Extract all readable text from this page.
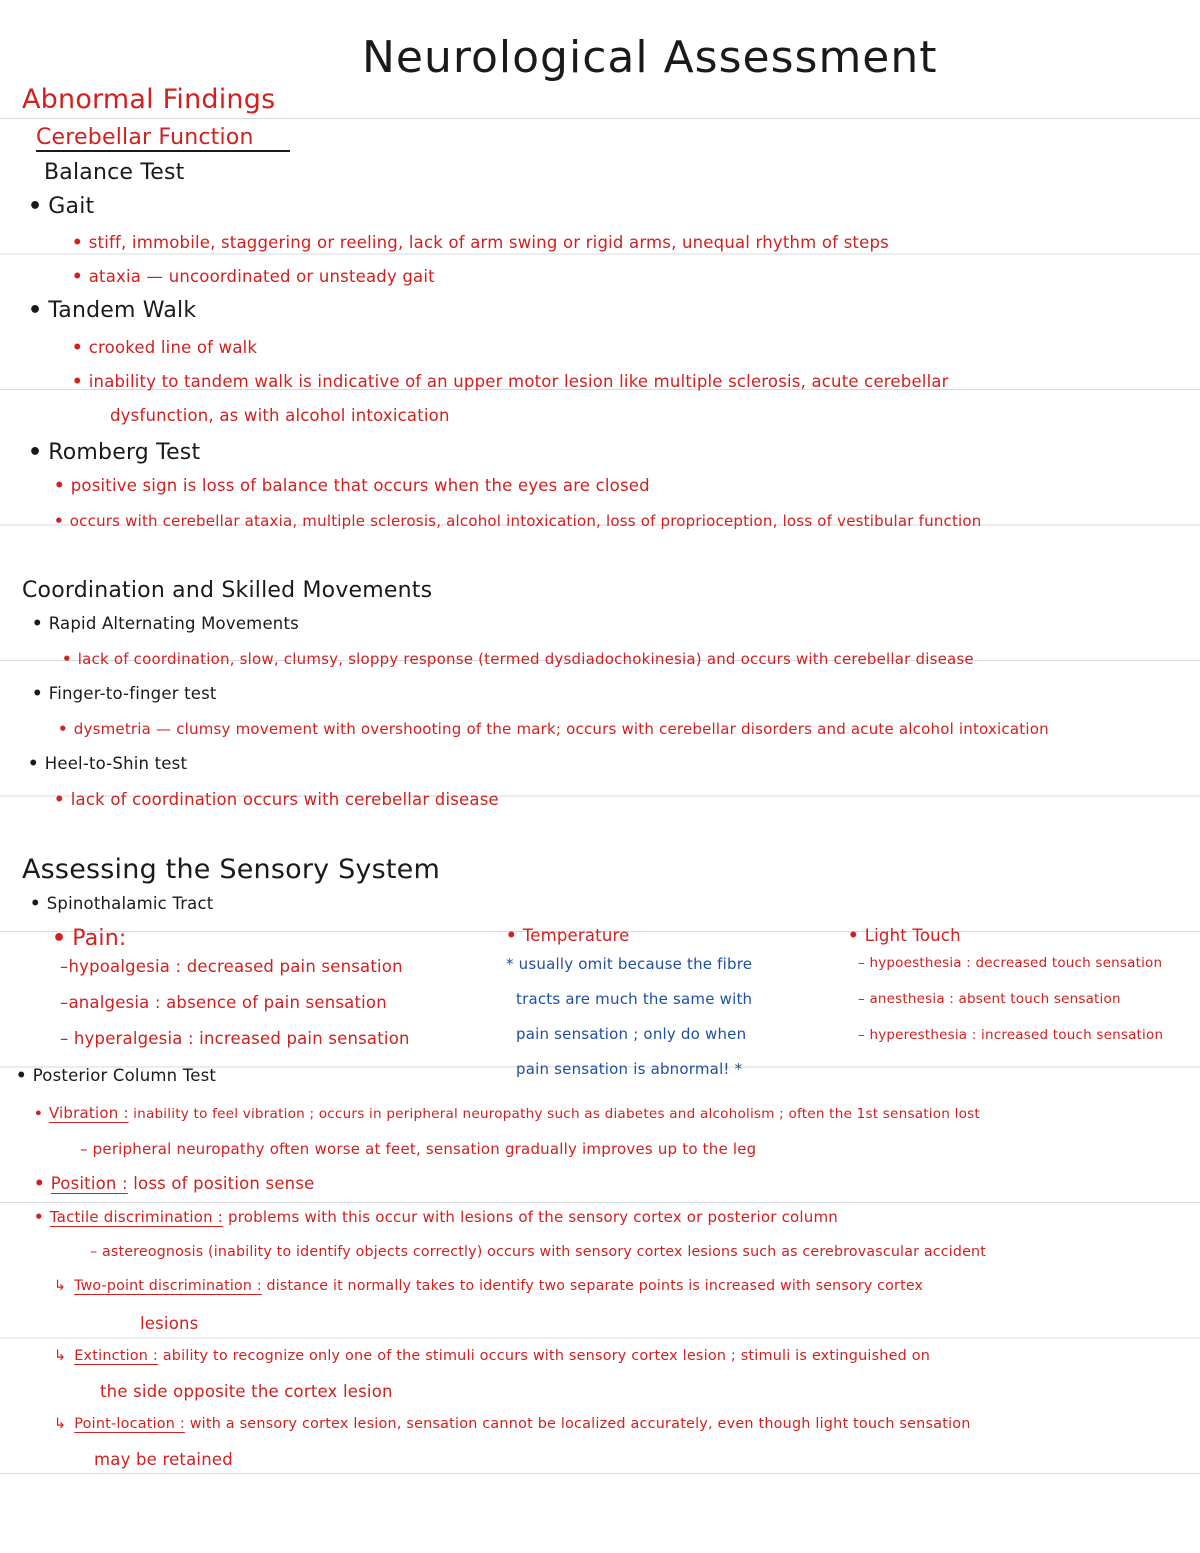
Neurological Assessment
Abnormal Findings
Cerebellar Function
Balance Test
• Gait
• stiff, immobile, staggering or reeling, lack of arm swing or rigid arms, unequal rhythm of steps
• ataxia — uncoordinated or unsteady gait
• Tandem Walk
• crooked line of walk
• inability to tandem walk is indicative of an upper motor lesion like multiple sclerosis, acute cerebellar
dysfunction, as with alcohol intoxication
• Romberg Test
• positive sign is loss of balance that occurs when the eyes are closed
• occurs with cerebellar ataxia, multiple sclerosis, alcohol intoxication, loss of proprioception, loss of vestibular function
Coordination and Skilled Movements
• Rapid Alternating Movements
• lack of coordination, slow, clumsy, sloppy response (termed dysdiadochokinesia) and occurs with cerebellar disease
• Finger-to-finger test
• dysmetria — clumsy movement with overshooting of the mark; occurs with cerebellar disorders and acute alcohol intoxication
• Heel-to-Shin test
• lack of coordination occurs with cerebellar disease
Assessing the Sensory System
• Spinothalamic Tract
• Pain:
–hypoalgesia : decreased pain sensation
–analgesia : absence of pain sensation
– hyperalgesia : increased pain sensation
• Temperature
* usually omit because the fibre
tracts are much the same with
pain sensation ; only do when
pain sensation is abnormal! *
• Light Touch
– hypoesthesia : decreased touch sensation
– anesthesia : absent touch sensation
– hyperesthesia : increased touch sensation
• Posterior Column Test
• Vibration : inability to feel vibration ; occurs in peripheral neuropathy such as diabetes and alcoholism ; often the 1st sensation lost
– peripheral neuropathy often worse at feet, sensation gradually improves up to the leg
• Position : loss of position sense
• Tactile discrimination : problems with this occur with lesions of the sensory cortex or posterior column
– astereognosis (inability to identify objects correctly) occurs with sensory cortex lesions such as cerebrovascular accident
↳ Two-point discrimination : distance it normally takes to identify two separate points is increased with sensory cortex
lesions
↳ Extinction : ability to recognize only one of the stimuli occurs with sensory cortex lesion ; stimuli is extinguished on
the side opposite the cortex lesion
↳ Point-location : with a sensory cortex lesion, sensation cannot be localized accurately, even though light touch sensation
may be retained
